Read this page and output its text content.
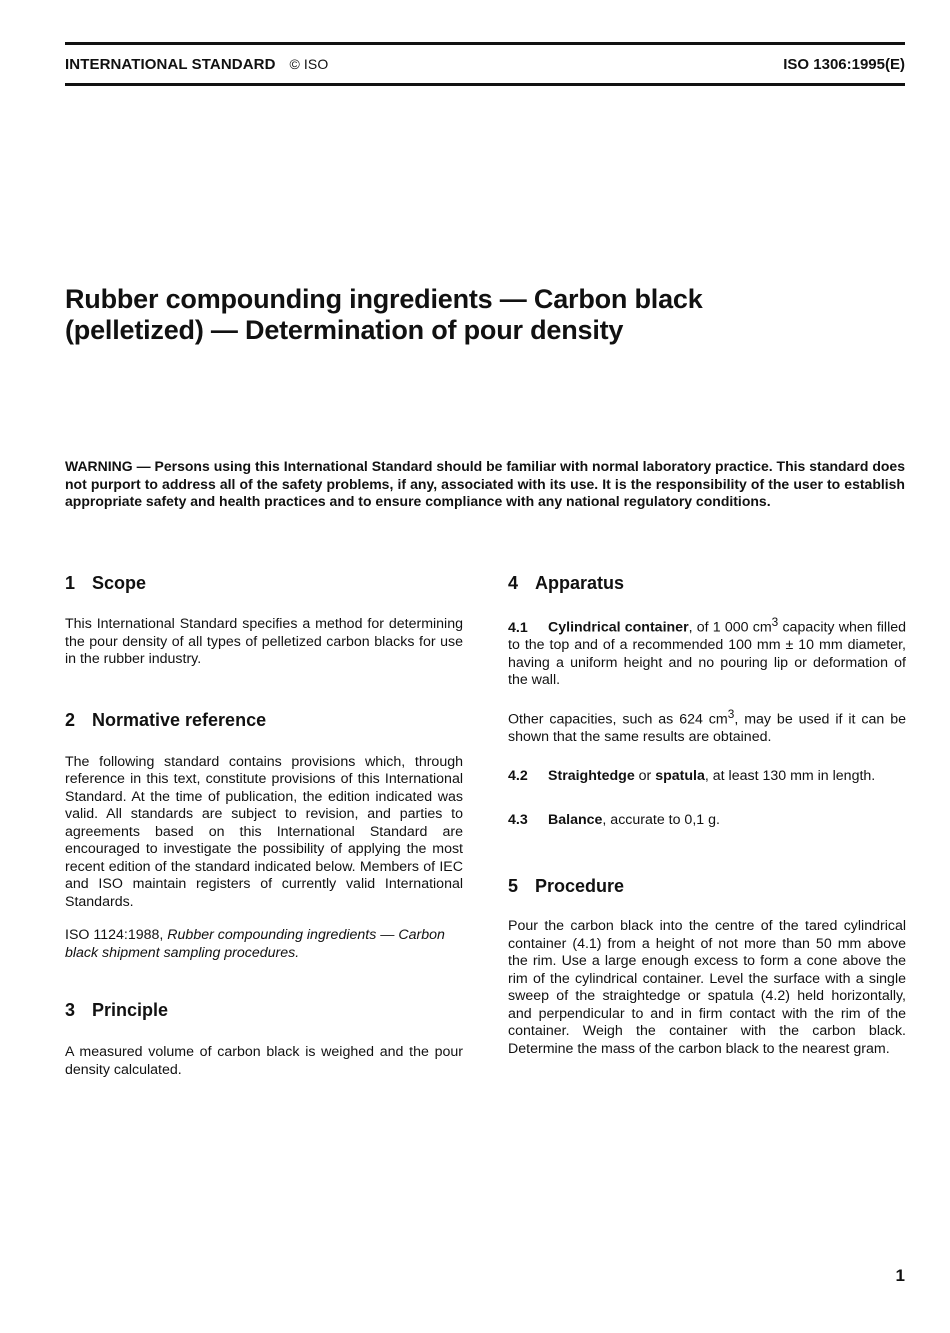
INTERNATIONAL STANDARD © ISO	ISO 1306:1995(E)
Rubber compounding ingredients — Carbon black
(pelletized) — Determination of pour density
WARNING — Persons using this International Standard should be familiar with normal laboratory practice. This standard does not purport to address all of the safety problems, if any, associated with its use. It is the responsibility of the user to establish appropriate safety and health practices and to ensure compliance with any national regulatory conditions.
1 Scope

This International Standard specifies a method for determining the pour density of all types of pelletized carbon blacks for use in the rubber industry.

2 Normative reference

The following standard contains provisions which, through reference in this text, constitute provisions of this International Standard. At the time of publication, the edition indicated was valid. All standards are subject to revision, and parties to agreements based on this International Standard are encouraged to investigate the possibility of applying the most recent edition of the standard indicated below. Members of IEC and ISO maintain registers of currently valid International Standards.

ISO 1124:1988, Rubber compounding ingredients — Carbon black shipment sampling procedures.

3 Principle

A measured volume of carbon black is weighed and the pour density calculated.

4 Apparatus

4.1 Cylindrical container, of 1 000 $cm^3$ capacity when filled to the top and of a recommended 100 mm ± 10 mm diameter, having a uniform height and no pouring lip or deformation of the wall.

Other capacities, such as 624 $cm^3$, may be used if it can be shown that the same results are obtained.

4.2 Straightedge or spatula, at least 130 mm in length.

4.3 Balance, accurate to 0,1 g.

5 Procedure

Pour the carbon black into the centre of the tared cylindrical container (4.1) from a height of not more than 50 mm above the rim. Use a large enough excess to form a cone above the rim of the cylindrical container. Level the surface with a single sweep of the straightedge or spatula (4.2) held horizontally, and perpendicular to and in firm contact with the rim of the container. Weigh the container with the carbon black. Determine the mass of the carbon black to the nearest gram.

1
